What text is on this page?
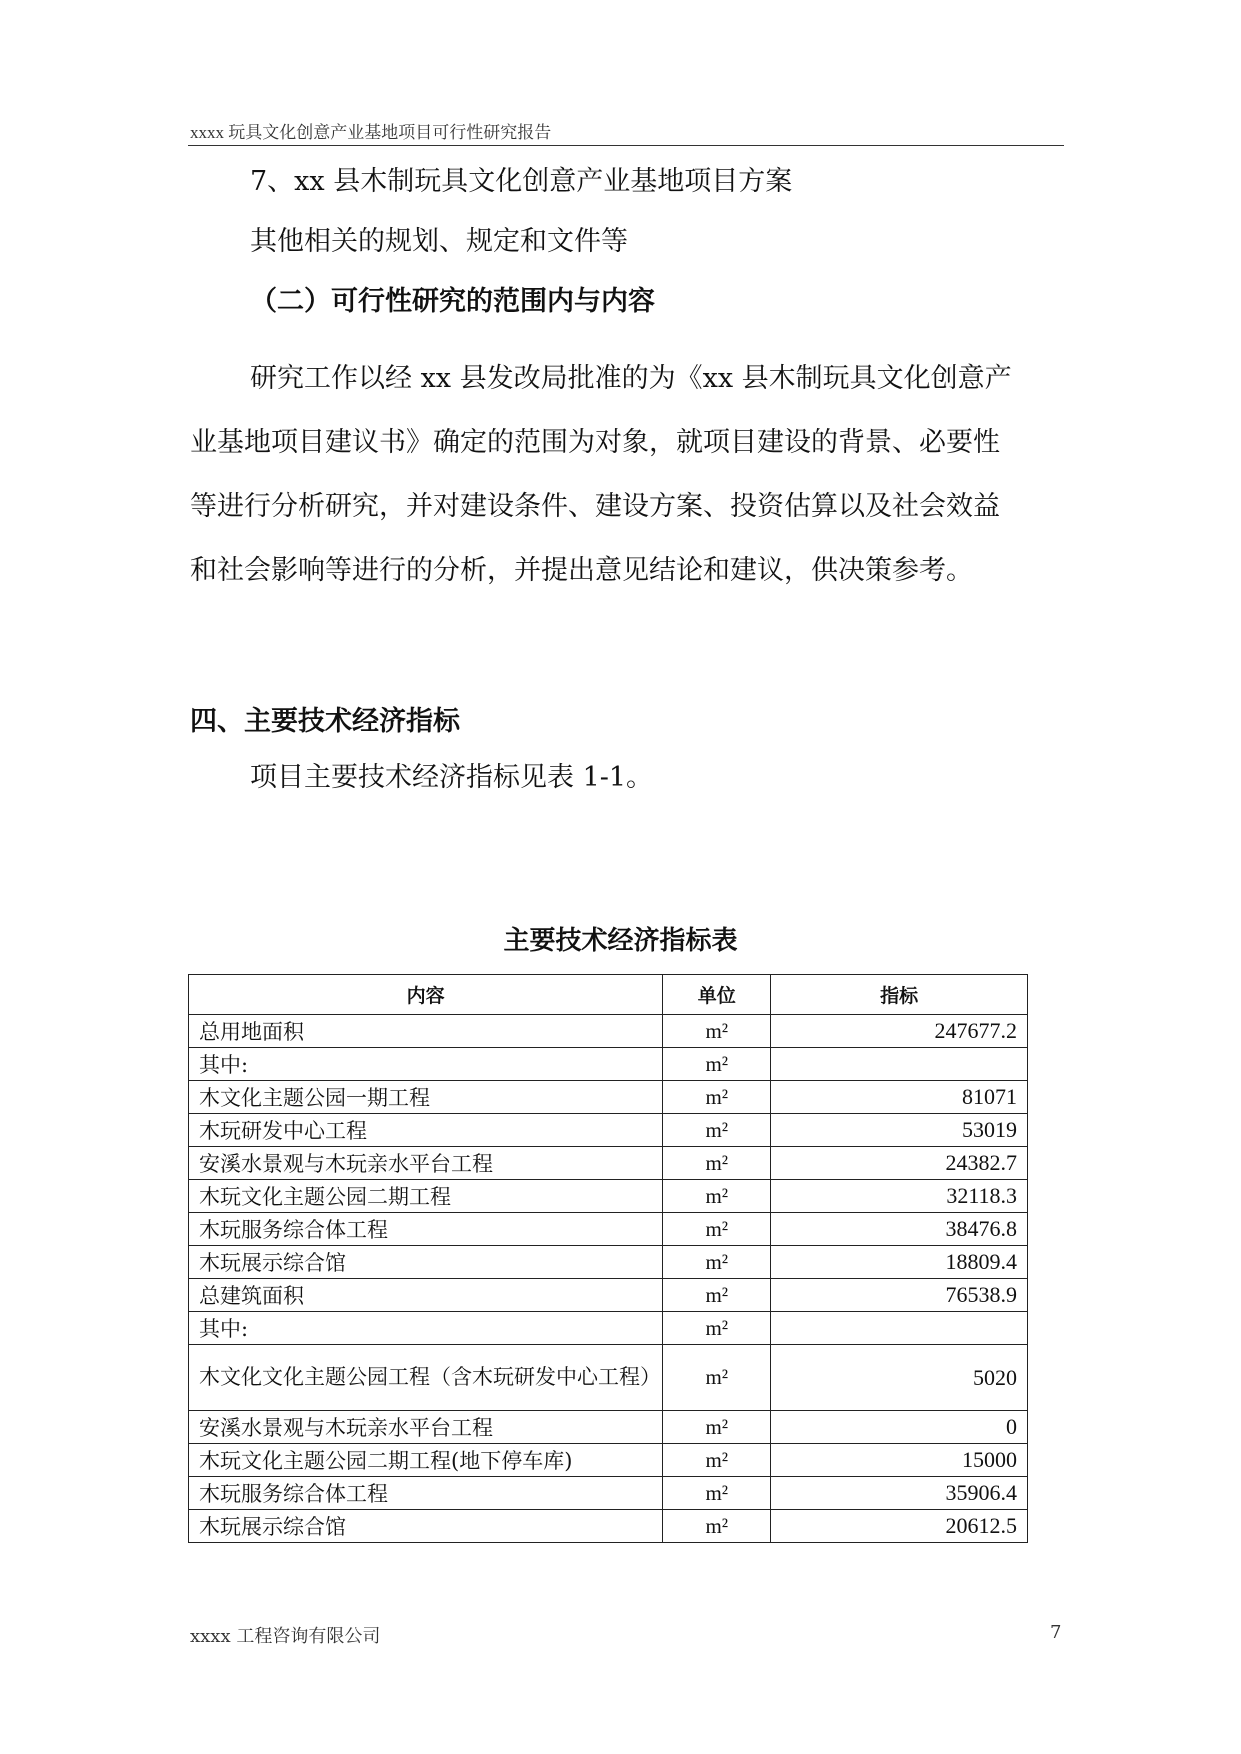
xxxx 玩具文化创意产业基地项目可行性研究报告
7、xx 县木制玩具文化创意产业基地项目方案
其他相关的规划、规定和文件等
（二）可行性研究的范围内与内容
研究工作以经 xx 县发改局批准的为《xx 县木制玩具文化创意产
业基地项目建议书》确定的范围为对象，就项目建设的背景、必要性
等进行分析研究，并对建设条件、建设方案、投资估算以及社会效益
和社会影响等进行的分析，并提出意见结论和建议，供决策参考。
四、主要技术经济指标
项目主要技术经济指标见表 1-1。
主要技术经济指标表
内容	单位	指标
总用地面积	m²	247677.2
其中:	m²	
木文化主题公园一期工程	m²	81071
木玩研发中心工程	m²	53019
安溪水景观与木玩亲水平台工程	m²	24382.7
木玩文化主题公园二期工程	m²	32118.3
木玩服务综合体工程	m²	38476.8
木玩展示综合馆	m²	18809.4
总建筑面积	m²	76538.9
其中:	m²	
木文化文化主题公园工程（含木玩研发中心工程）	m²	5020
安溪水景观与木玩亲水平台工程	m²	0
木玩文化主题公园二期工程(地下停车库)	m²	15000
木玩服务综合体工程	m²	35906.4
木玩展示综合馆	m²	20612.5
xxxx 工程咨询有限公司	7
